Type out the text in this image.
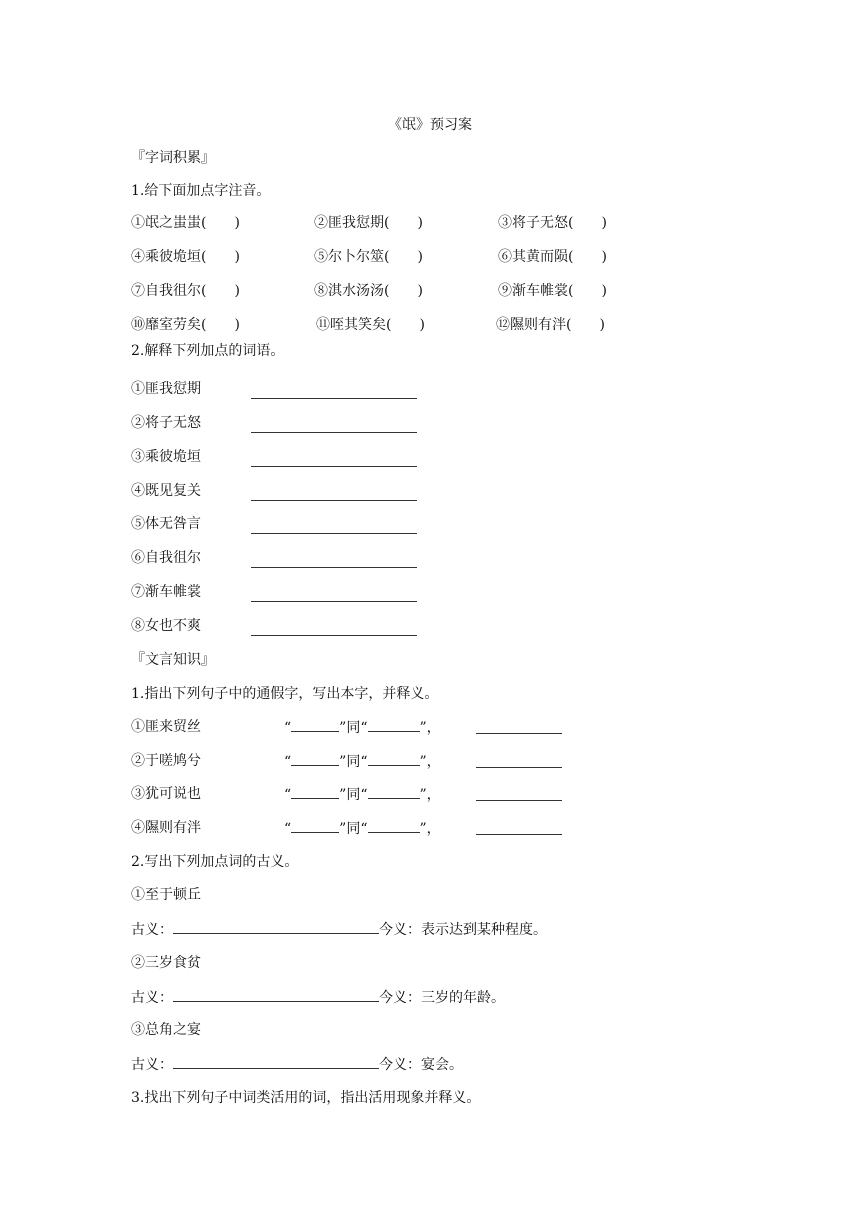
《氓》预习案
『字词积累』
1.给下面加点字注音。
①氓之蚩蚩(　　)	②匪我愆期(　　)	③将子无怒(　　)
④乘彼垝垣(　　)	⑤尔卜尔筮(　　)	⑥其黄而陨(　　)
⑦自我徂尔(　　)	⑧淇水汤汤(　　)	⑨渐车帷裳(　　)
⑩靡室劳矣(　　)	⑪咥其笑矣(　　)	⑫隰则有泮(　　)
2.解释下列加点的词语。
①匪我愆期
②将子无怒
③乘彼垝垣
④既见复关
⑤体无咎言
⑥自我徂尔
⑦渐车帷裳
⑧女也不爽
『文言知识』
1.指出下列句子中的通假字，写出本字，并释义。
①匪来贸丝	“	”同“	”，
②于嗟鸠兮	“	”同“	”，
③犹可说也	“	”同“	”，
④隰则有泮	“	”同“	”，
2.写出下列加点词的古义。
①至于顿丘
古义：	今义：表示达到某种程度。
②三岁食贫
古义：	今义：三岁的年龄。
③总角之宴
古义：	今义：宴会。
3.找出下列句子中词类活用的词，指出活用现象并释义。
